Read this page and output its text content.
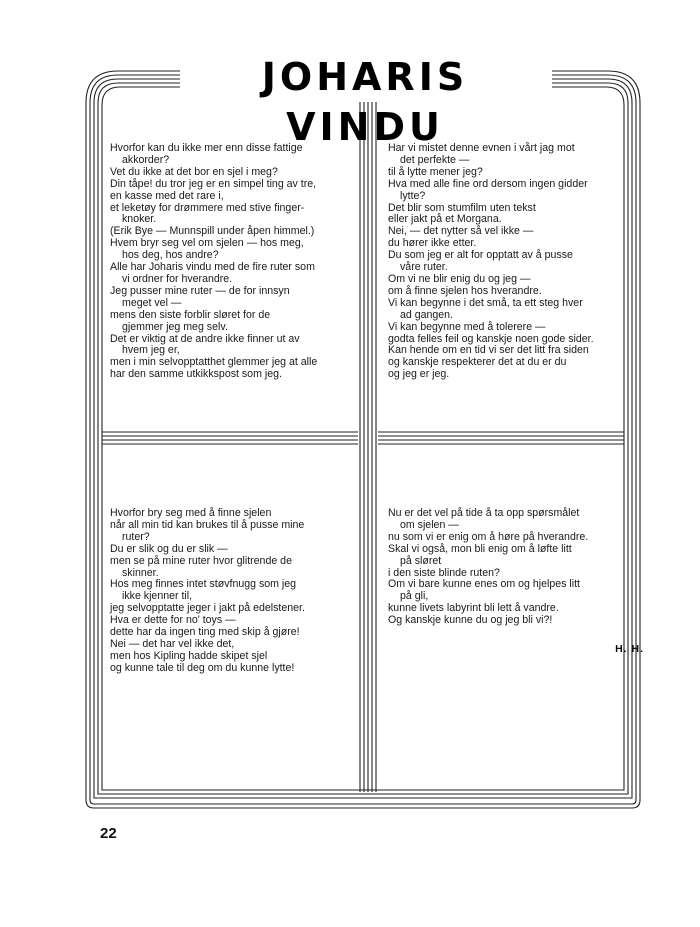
JOHARIS VINDU

Hvorfor kan du ikke mer enn disse fattige
akkorder?
Vet du ikke at det bor en sjel i meg?
Din tåpe! du tror jeg er en simpel ting av tre,
en kasse med det rare i,
et leketøy for drømmere med stive finger-
knoker.
(Erik Bye — Munnspill under åpen himmel.)

Hvem bryr seg vel om sjelen — hos meg,
hos deg, hos andre?
Alle har Joharis vindu med de fire ruter som
vi ordner for hverandre.
Jeg pusser mine ruter — de for innsyn
meget vel —
mens den siste forblir sløret for de
gjemmer jeg meg selv.
Det er viktig at de andre ikke finner ut av
hvem jeg er,
men i min selvopptatthet glemmer jeg at alle
har den samme utkikkspost som jeg.

Har vi mistet denne evnen i vårt jag mot
det perfekte —
til å lytte mener jeg?
Hva med alle fine ord dersom ingen gidder
lytte?
Det blir som stumfilm uten tekst
eller jakt på et Morgana.

Nei, — det nytter så vel ikke —
du hører ikke etter.
Du som jeg er alt for opptatt av å pusse
våre ruter.
Om vi ne blir enig du og jeg —
om å finne sjelen hos hverandre.
Vi kan begynne i det små, ta ett steg hver
ad gangen.

Vi kan begynne med å tolerere —
godta felles feil og kanskje noen gode sider.
Kan hende om en tid vi ser det litt fra siden
og kanskje respekterer det at du er du
og jeg er jeg.

Hvorfor bry seg med å finne sjelen
når all min tid kan brukes til å pusse mine
ruter?
Du er slik og du er slik —
men se på mine ruter hvor glitrende de
skinner.
Hos meg finnes intet støvfnugg som jeg
ikke kjenner til,
jeg selvopptatte jeger i jakt på edelstener.

Hva er dette for no' toys —
dette har da ingen ting med skip å gjøre!
Nei — det har vel ikke det,
men hos Kipling hadde skipet sjel
og kunne tale til deg om du kunne lytte!

Nu er det vel på tide å ta opp spørsmålet
om sjelen —
nu som vi er enig om å høre på hverandre.
Skal vi også, mon bli enig om å løfte litt
på sløret
i den siste blinde ruten?

Om vi bare kunne enes om og hjelpes litt
på gli,
kunne livets labyrint bli lett å vandre.
Og kanskje kunne du og jeg bli vi?!

H. H.
22
